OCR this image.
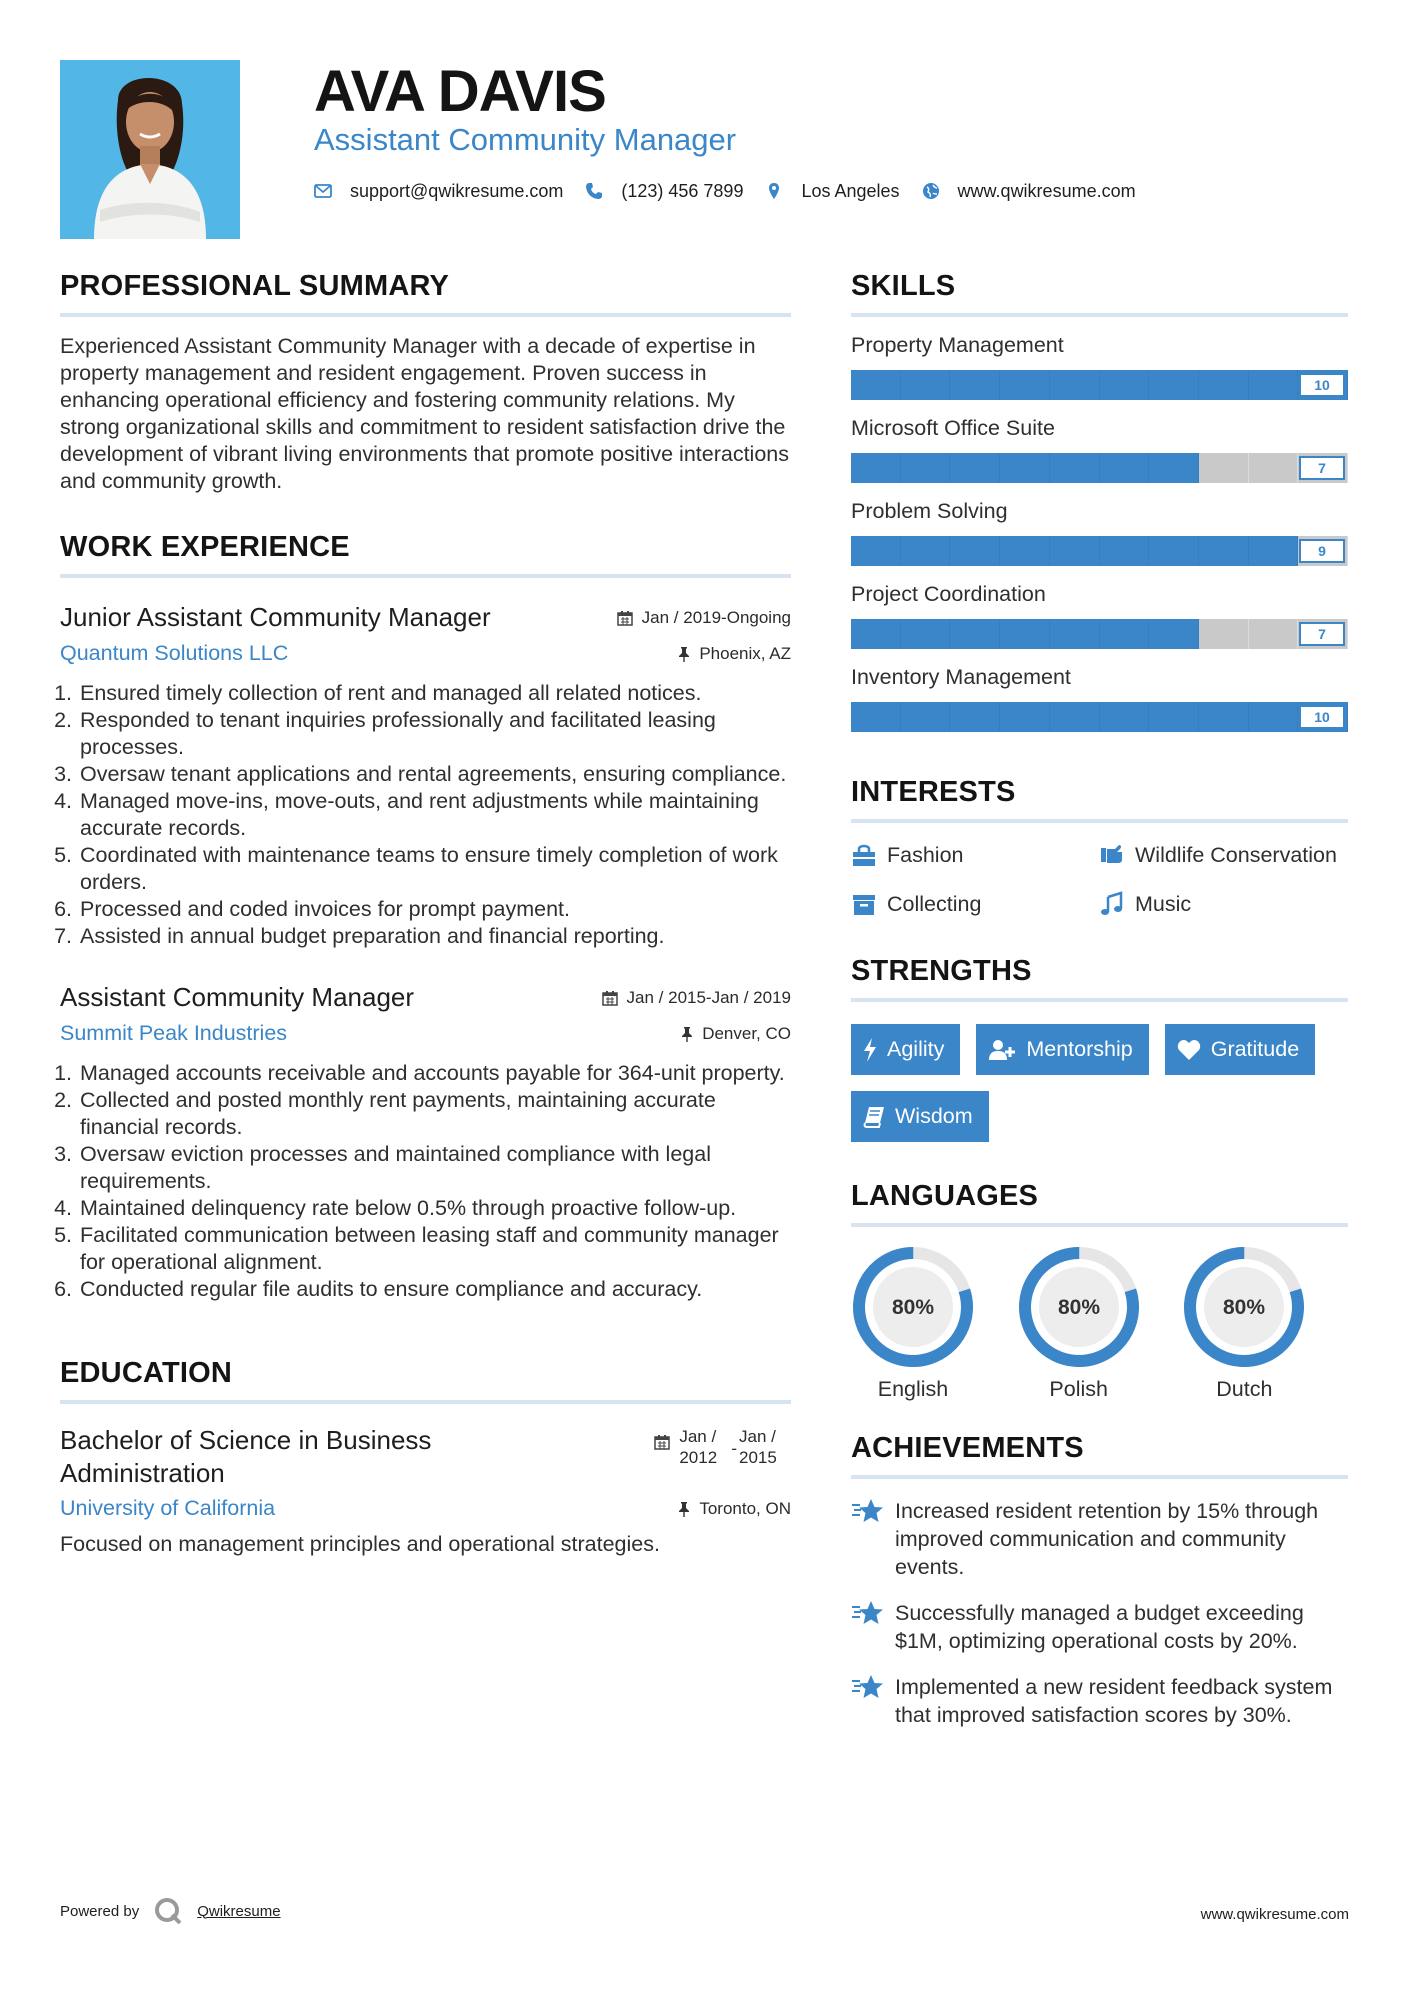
AVA DAVIS
Assistant Community Manager
support@qwikresume.com	(123) 456 7899	Los Angeles	www.qwikresume.com
PROFESSIONAL SUMMARY

Experienced Assistant Community Manager with a decade of expertise in property management and resident engagement. Proven success in enhancing operational efficiency and fostering community relations. My strong organizational skills and commitment to resident satisfaction drive the development of vibrant living environments that promote positive interactions and community growth.

WORK EXPERIENCE
Junior Assistant Community Manager	Jan / 2019-Ongoing
Quantum Solutions LLC	Phoenix, AZ
1. Ensured timely collection of rent and managed all related notices.
2. Responded to tenant inquiries professionally and facilitated leasing processes.
3. Oversaw tenant applications and rental agreements, ensuring compliance.
4. Managed move-ins, move-outs, and rent adjustments while maintaining accurate records.
5. Coordinated with maintenance teams to ensure timely completion of work orders.
6. Processed and coded invoices for prompt payment.
7. Assisted in annual budget preparation and financial reporting.
Assistant Community Manager	Jan / 2015-Jan / 2019
Summit Peak Industries	Denver, CO
1. Managed accounts receivable and accounts payable for 364-unit property.
2. Collected and posted monthly rent payments, maintaining accurate financial records.
3. Oversaw eviction processes and maintained compliance with legal requirements.
4. Maintained delinquency rate below 0.5% through proactive follow-up.
5. Facilitated communication between leasing staff and community manager for operational alignment.
6. Conducted regular file audits to ensure compliance and accuracy.
EDUCATION
Bachelor of Science in Business Administration
Jan / 2012 -
Jan / 2015
University of California	Toronto, ON

Focused on management principles and operational strategies.

SKILLS
Property Management
10
Microsoft Office Suite
7
Problem Solving
9
Project Coordination
7
Inventory Management
10
INTERESTS
Fashion	Wildlife Conservation
Collecting	Music
STRENGTHS
Agility	Mentorship	Gratitude
Wisdom
LANGUAGES
80%
English
80%
Polish
80%
Dutch
ACHIEVEMENTS
Increased resident retention by 15% through improved communication and community events.
Successfully managed a budget exceeding $1M, optimizing operational costs by 20%.
Implemented a new resident feedback system that improved satisfaction scores by 30%.
Powered by	Qwikresume	www.qwikresume.com
